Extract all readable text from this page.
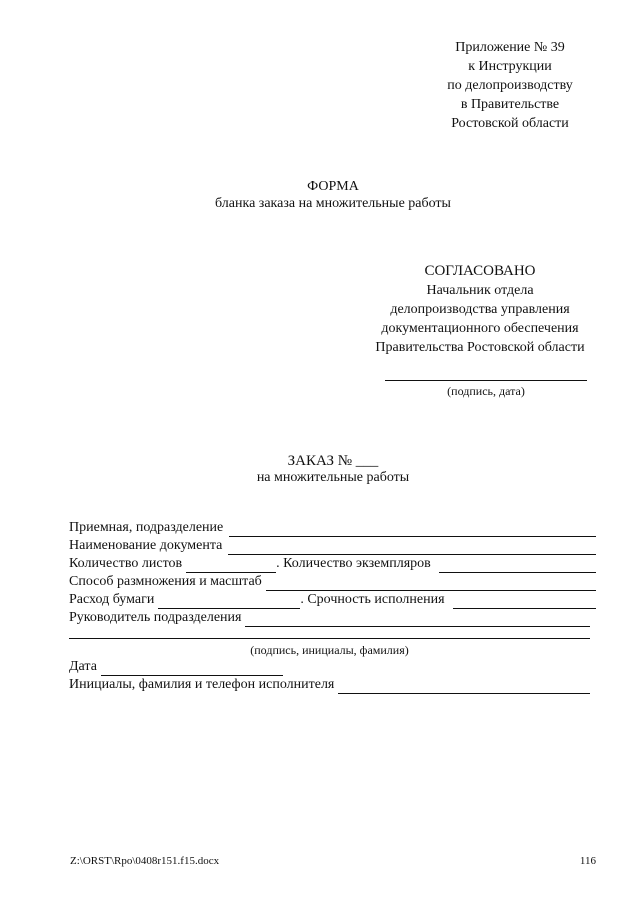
Приложение № 39
к Инструкции
по делопроизводству
в Правительстве
Ростовской области
ФОРМА
бланка заказа на множительные работы
СОГЛАСОВАНО
Начальник отдела
делопроизводства управления
документационного обеспечения
Правительства Ростовской области
(подпись, дата)
ЗАКАЗ № ___
на множительные работы
Приемная, подразделение
Наименование документа
Количество листов	. Количество экземпляров
Способ размножения и масштаб
Расход бумаги	. Срочность исполнения
Руководитель подразделения
(подпись, инициалы, фамилия)
Дата
Инициалы, фамилия и телефон исполнителя
Z:\ORST\Rpo\0408r151.f15.docx	116
